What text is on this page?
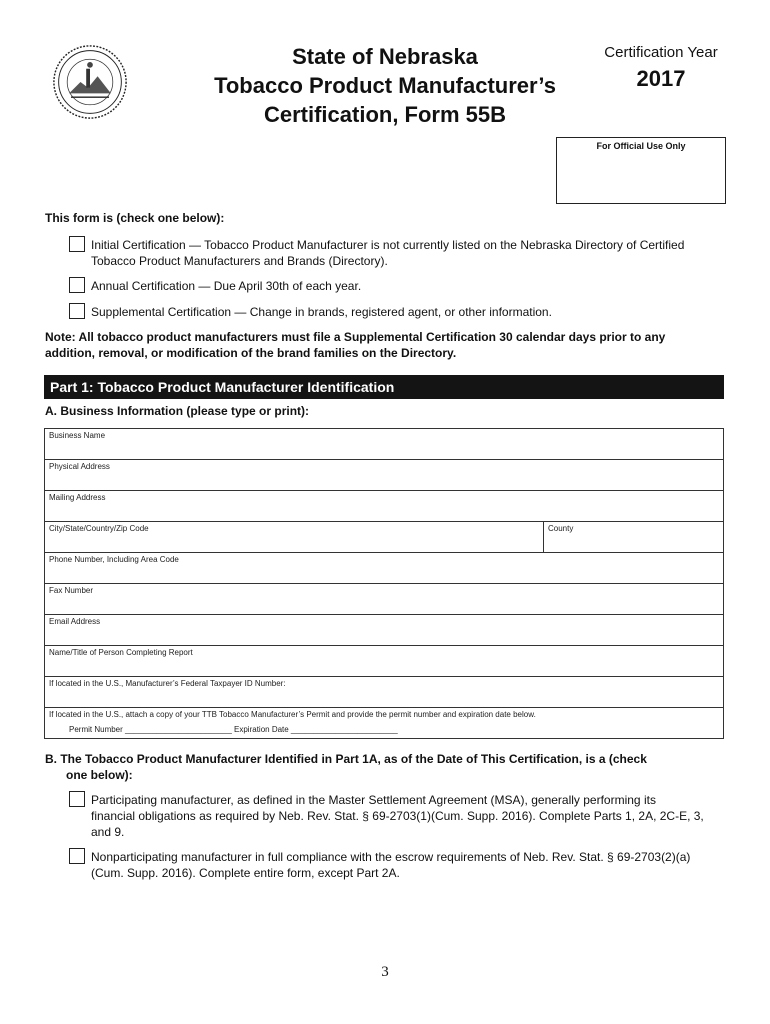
State of Nebraska
Tobacco Product Manufacturer’s
Certification, Form 55B
Certification Year
2017
For Official Use Only
This form is (check one below):
Initial Certification — Tobacco Product Manufacturer is not currently listed on the Nebraska Directory of Certified
Tobacco Product Manufacturers and Brands (Directory).
Annual Certification — Due April 30th of each year.
Supplemental Certification — Change in brands, registered agent, or other information.
Note: All tobacco product manufacturers must file a Supplemental Certification 30 calendar days prior to any
addition, removal, or modification of the brand families on the Directory.
Part 1: Tobacco Product Manufacturer Identification
A. Business Information (please type or print):
Business Name
Physical Address
Mailing Address
City/State/Country/Zip Code	County
Phone Number, Including Area Code
Fax Number
Email Address
Name/Title of Person Completing Report
If located in the U.S., Manufacturer’s Federal Taxpayer ID Number:
If located in the U.S., attach a copy of your TTB Tobacco Manufacturer’s Permit and provide the permit number and expiration date below.
Permit Number ________________________ Expiration Date ________________________
B. The Tobacco Product Manufacturer Identified in Part 1A, as of the Date of This Certification, is a (check
one below):
Participating manufacturer, as defined in the Master Settlement Agreement (MSA), generally performing its
financial obligations as required by Neb. Rev. Stat. § 69-2703(1)(Cum. Supp. 2016). Complete Parts 1, 2A, 2C-E, 3,
and 9.
Nonparticipating manufacturer in full compliance with the escrow requirements of Neb. Rev. Stat. § 69-2703(2)(a)
(Cum. Supp. 2016). Complete entire form, except Part 2A.
3
